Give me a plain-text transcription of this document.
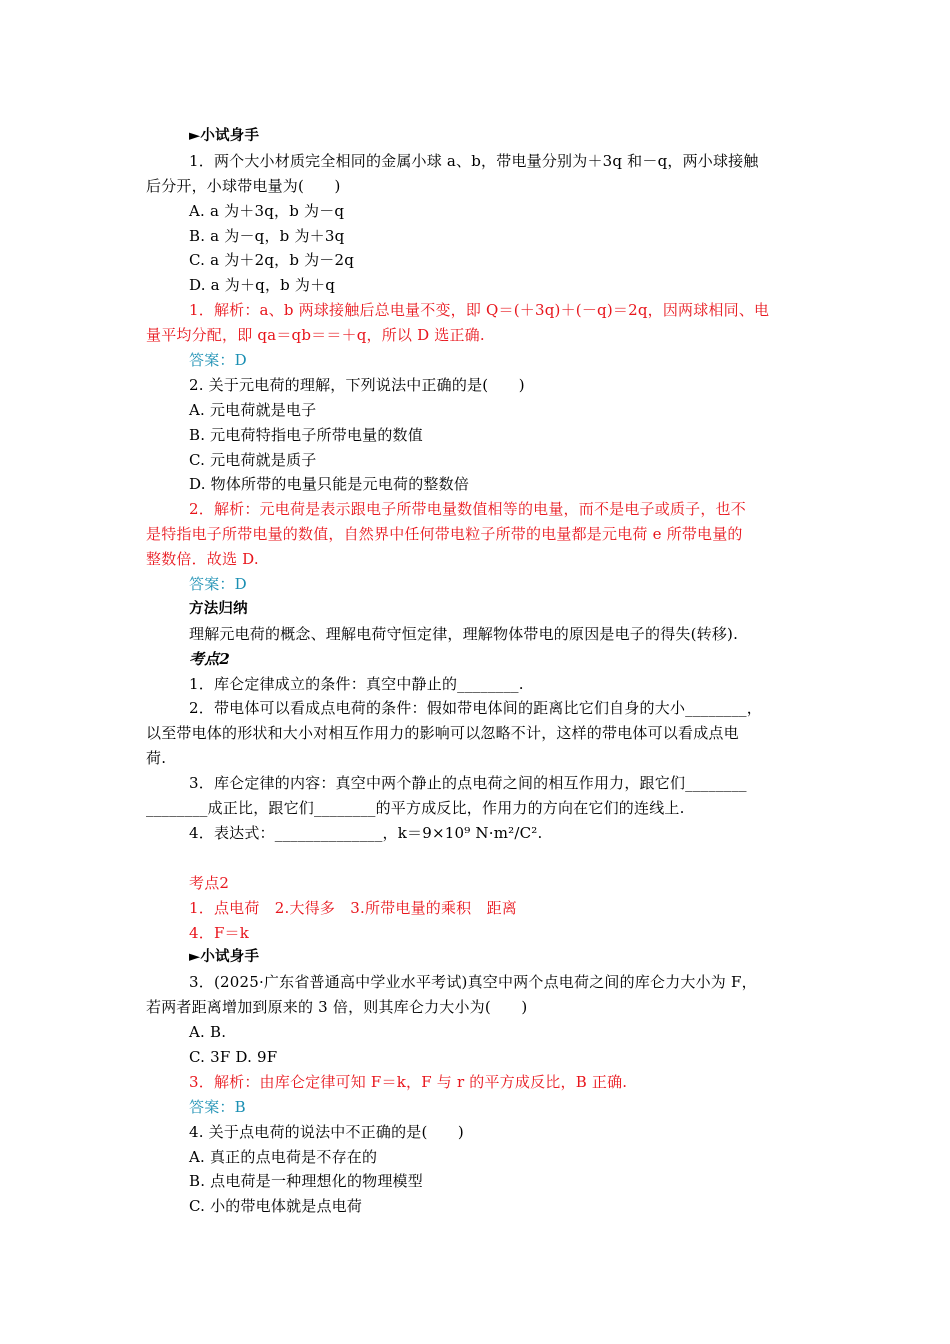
►小试身手
1．两个大小材质完全相同的金属小球 a、b，带电量分别为＋3q 和－q，两小球接触
后分开，小球带电量为(　　)
A. a 为＋3q，b 为－q
B. a 为－q，b 为＋3q
C. a 为＋2q，b 为－2q
D. a 为＋q，b 为＋q
1．解析：a、b 两球接触后总电量不变，即 Q＝(＋3q)＋(－q)＝2q，因两球相同、电
量平均分配，即 qa＝qb＝＝＋q，所以 D 选正确.
答案：D
2. 关于元电荷的理解，下列说法中正确的是(　　)
A. 元电荷就是电子
B. 元电荷特指电子所带电量的数值
C. 元电荷就是质子
D. 物体所带的电量只能是元电荷的整数倍
2．解析：元电荷是表示跟电子所带电量数值相等的电量，而不是电子或质子，也不
是特指电子所带电量的数值，自然界中任何带电粒子所带的电量都是元电荷 e 所带电量的
整数倍．故选 D.
答案：D
方法归纳
理解元电荷的概念、理解电荷守恒定律，理解物体带电的原因是电子的得失(转移).
考点2
1．库仑定律成立的条件：真空中静止的________.
2．带电体可以看成点电荷的条件：假如带电体间的距离比它们自身的大小________，
以至带电体的形状和大小对相互作用力的影响可以忽略不计，这样的带电体可以看成点电
荷.
3．库仑定律的内容：真空中两个静止的点电荷之间的相互作用力，跟它们________
________成正比，跟它们________的平方成反比，作用力的方向在它们的连线上.
4．表达式：______________，k＝9×10⁹ N·m²/C².
考点2
1．点电荷　2.大得多　3.所带电量的乘积　距离
4．F＝k
►小试身手
3．(2025·广东省普通高中学业水平考试)真空中两个点电荷之间的库仑力大小为 F，
若两者距离增加到原来的 3 倍，则其库仑力大小为(　　)
A. B.
C. 3F D. 9F
3．解析：由库仑定律可知 F＝k，F 与 r 的平方成反比，B 正确.
答案：B
4. 关于点电荷的说法中不正确的是(　　)
A. 真正的点电荷是不存在的
B. 点电荷是一种理想化的物理模型
C. 小的带电体就是点电荷
